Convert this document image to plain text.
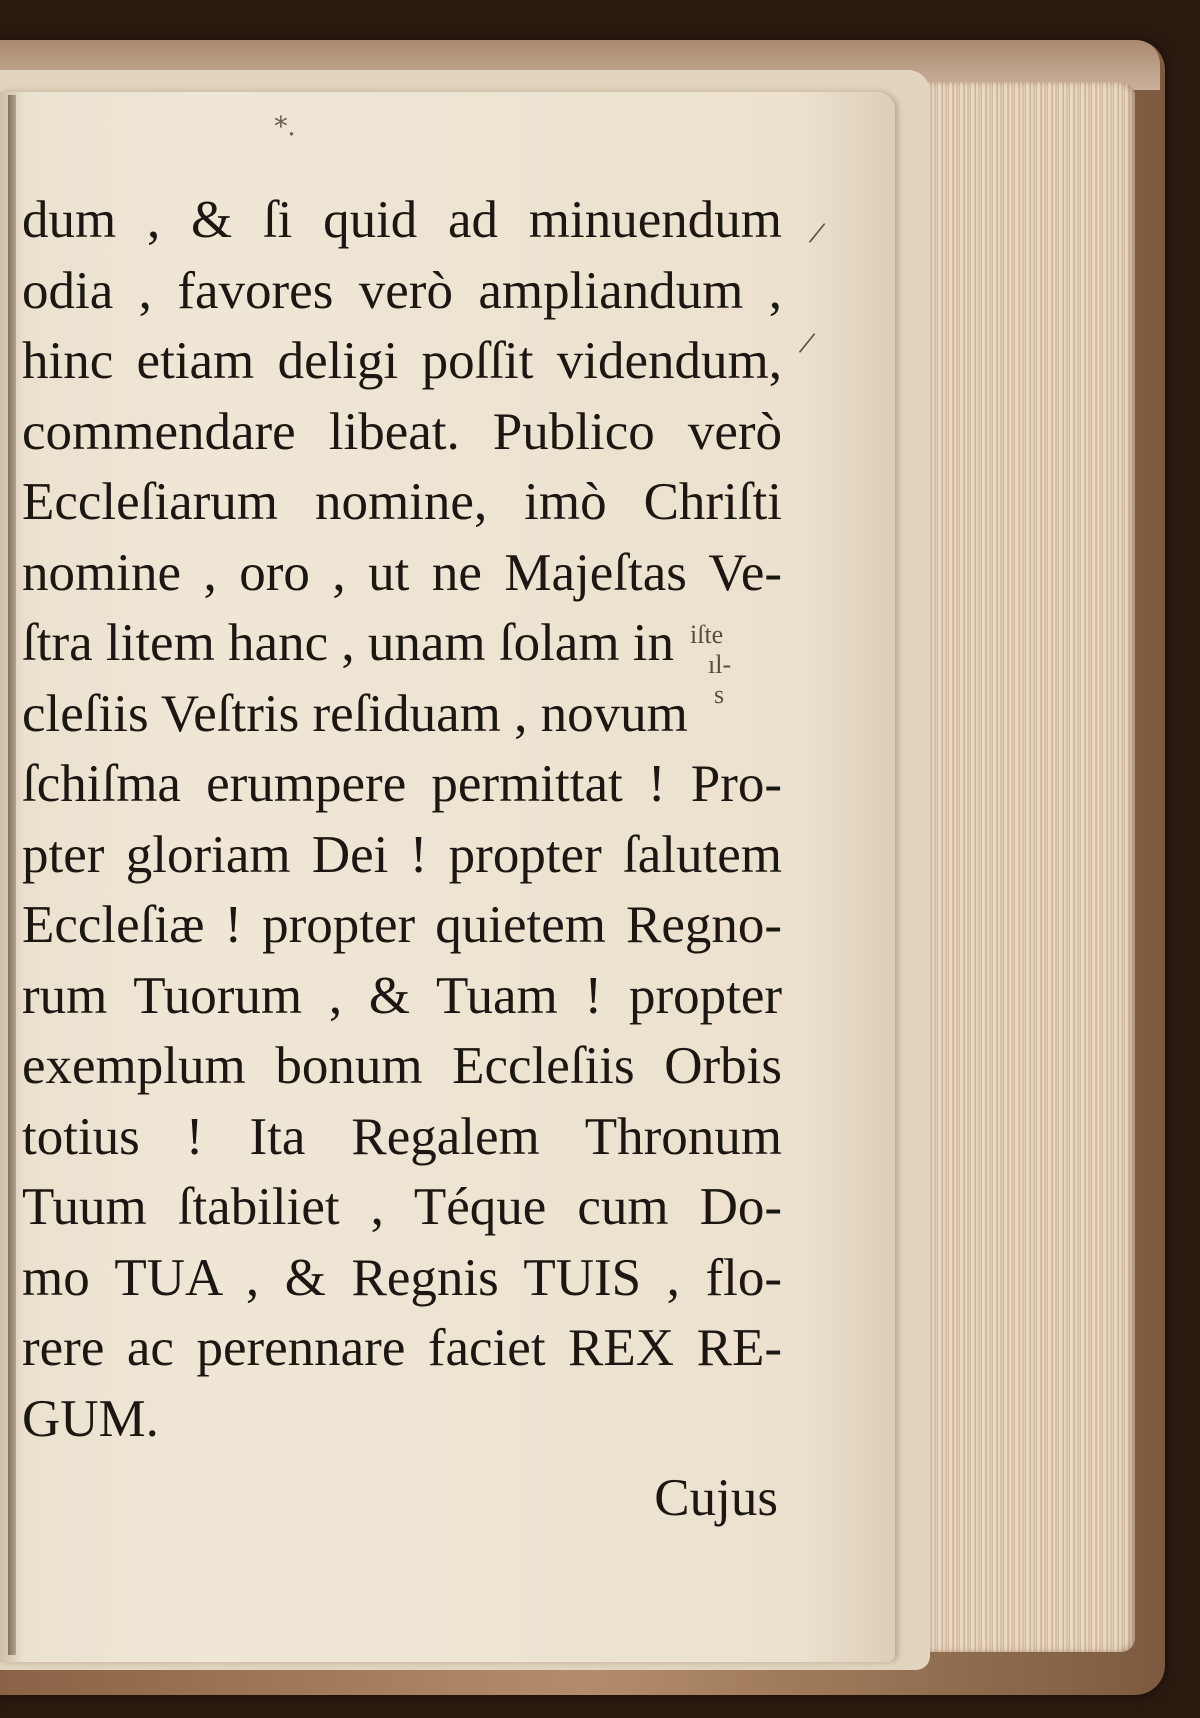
*.
dum , & ſi quid ad minuendum
odia , favores verò ampliandum ,
hinc etiam deligi poſſit videndum,
commendare libeat. Publico verò
Eccleſiarum nomine, imò Chriſti
nomine , oro , ut ne Majeſtas Ve-
ſtra litem hanc , unam ſolam in
cleſiis Veſtris reſiduam , novum
ſchiſma erumpere permittat ! Pro-
pter gloriam Dei ! propter ſalutem
Eccleſiæ ! propter quietem Regno-
rum Tuorum , & Tuam ! propter
exemplum bonum Eccleſiis Orbis
totius ! Ita Regalem Thronum
Tuum ſtabiliet , Téque cum Do-
mo TUA , & Regnis TUIS , flo-
rere ac perennare faciet REX RE-
GUM.
iſte
ıl-
s
Cujus
/
/
